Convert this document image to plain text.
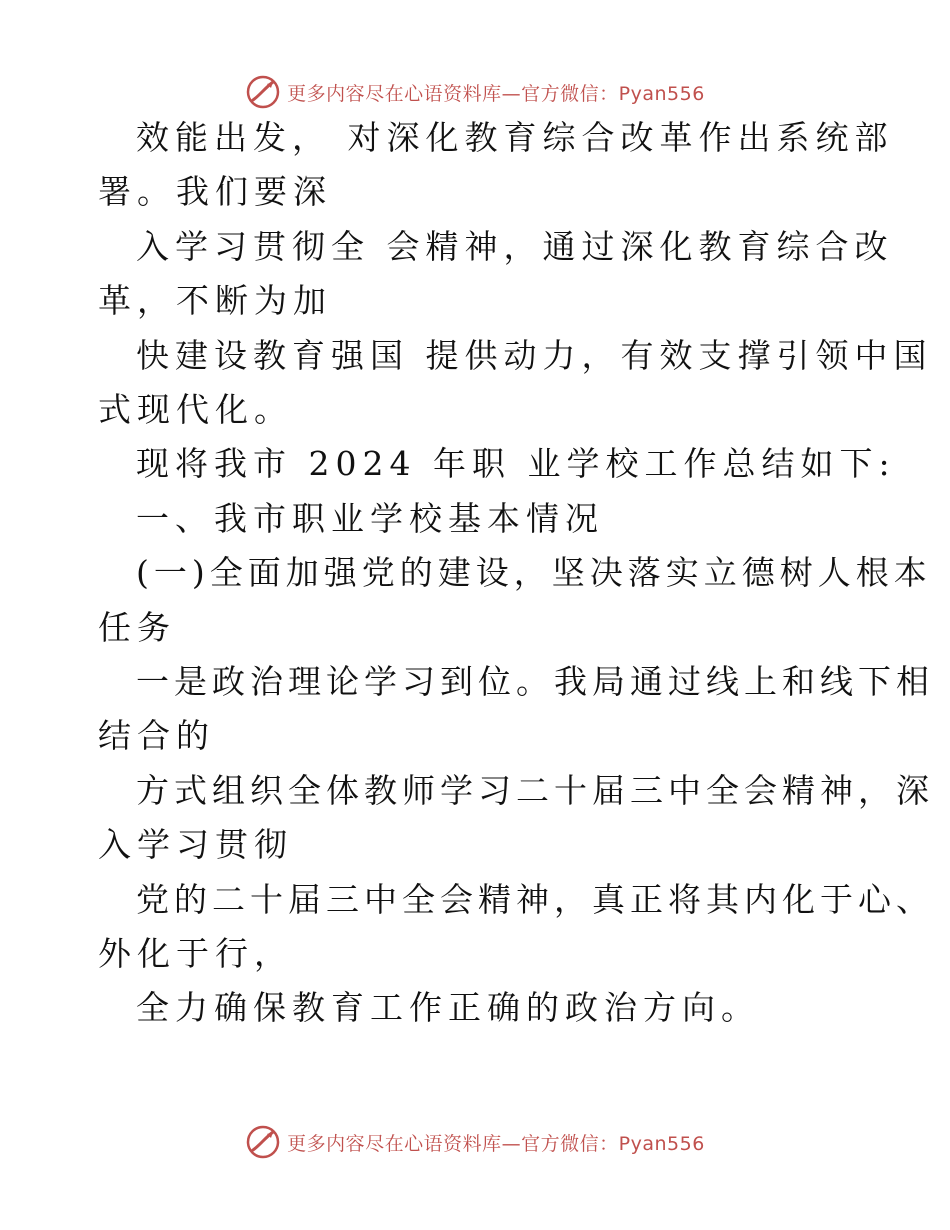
更多内容尽在心语资料库—官方微信：Pyan556
效能出发， 对深化教育综合改革作出系统部
署。我们要深
入学习贯彻全 会精神，通过深化教育综合改
革，不断为加
快建设教育强国 提供动力，有效支撑引领中国
式现代化。
现将我市 2024 年职 业学校工作总结如下:
一、我市职业学校基本情况
(一)全面加强党的建设，坚决落实立德树人根本
任务
一是政治理论学习到位。我局通过线上和线下相
结合的
方式组织全体教师学习二十届三中全会精神，深
入学习贯彻
党的二十届三中全会精神，真正将其内化于心、
外化于行，
全力确保教育工作正确的政治方向。
更多内容尽在心语资料库—官方微信：Pyan556
